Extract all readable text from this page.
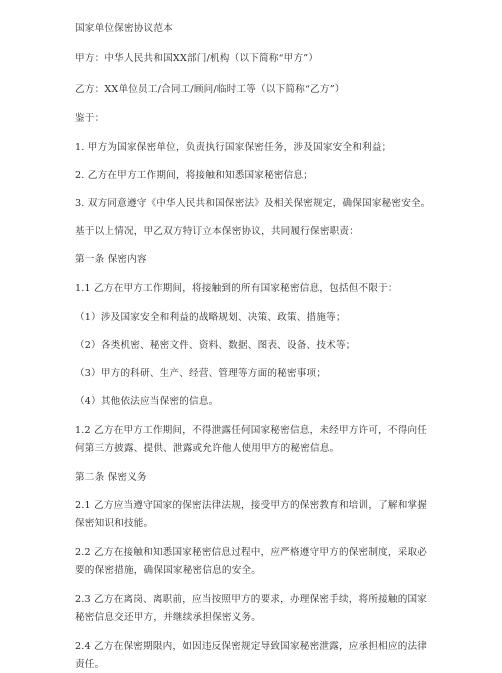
国家单位保密协议范本
甲方：中华人民共和国XX部门/机构（以下简称“甲方”）
乙方：XX单位员工/合同工/顾问/临时工等（以下简称“乙方”）
鉴于：
1. 甲方为国家保密单位，负责执行国家保密任务，涉及国家安全和利益；
2. 乙方在甲方工作期间，将接触和知悉国家秘密信息；
3. 双方同意遵守《中华人民共和国保密法》及相关保密规定，确保国家秘密安全。
基于以上情况，甲乙双方特订立本保密协议，共同履行保密职责：
第一条 保密内容
1.1 乙方在甲方工作期间，将接触到的所有国家秘密信息，包括但不限于：
（1）涉及国家安全和利益的战略规划、决策、政策、措施等；
（2）各类机密、秘密文件、资料、数据、图表、设备、技术等；
（3）甲方的科研、生产、经营、管理等方面的秘密事项；
（4）其他依法应当保密的信息。
1.2 乙方在甲方工作期间，不得泄露任何国家秘密信息，未经甲方许可，不得向任何第三方披露、提供、泄露或允许他人使用甲方的秘密信息。
第二条 保密义务
2.1 乙方应当遵守国家的保密法律法规，接受甲方的保密教育和培训，了解和掌握保密知识和技能。
2.2 乙方在接触和知悉国家秘密信息过程中，应严格遵守甲方的保密制度，采取必要的保密措施，确保国家秘密信息的安全。
2.3 乙方在离岗、离职前，应当按照甲方的要求，办理保密手续，将所接触的国家秘密信息交还甲方，并继续承担保密义务。
2.4 乙方在保密期限内，如因违反保密规定导致国家秘密泄露，应承担相应的法律责任。
